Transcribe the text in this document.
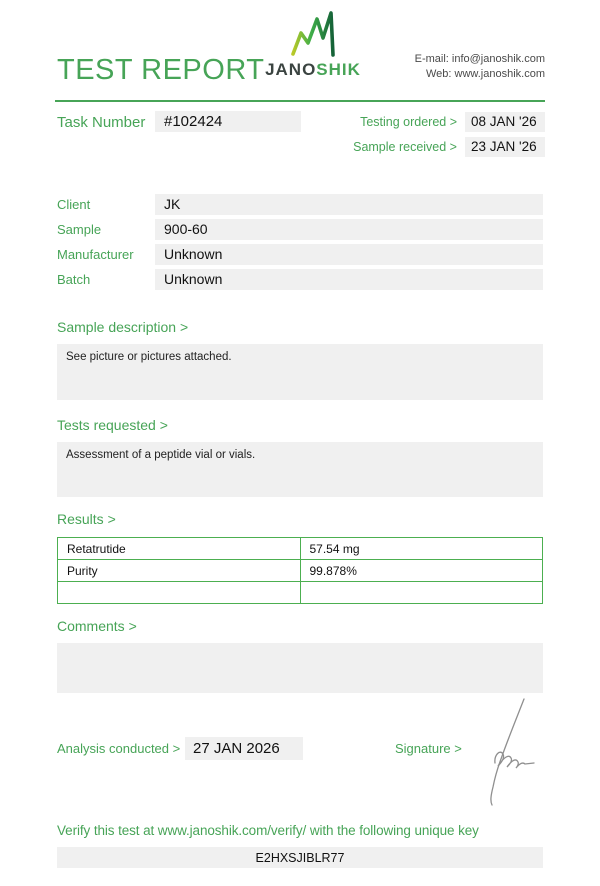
TEST REPORT JANOSHIK
E-mail: info@janoshik.com
Web: www.janoshik.com
Task Number	#102424	Testing ordered >	08 JAN '26
Sample received >	23 JAN '26
Client	JK
Sample	900-60
Manufacturer	Unknown
Batch	Unknown
Sample description >
See picture or pictures attached.
Tests requested >
Assessment of a peptide vial or vials.
Results >
Retatrutide	57.54 mg
Purity	99.878%

Comments >
Analysis conducted > 27 JAN 2026	Signature >
Verify this test at www.janoshik.com/verify/ with the following unique key
E2HXSJIBLR77
